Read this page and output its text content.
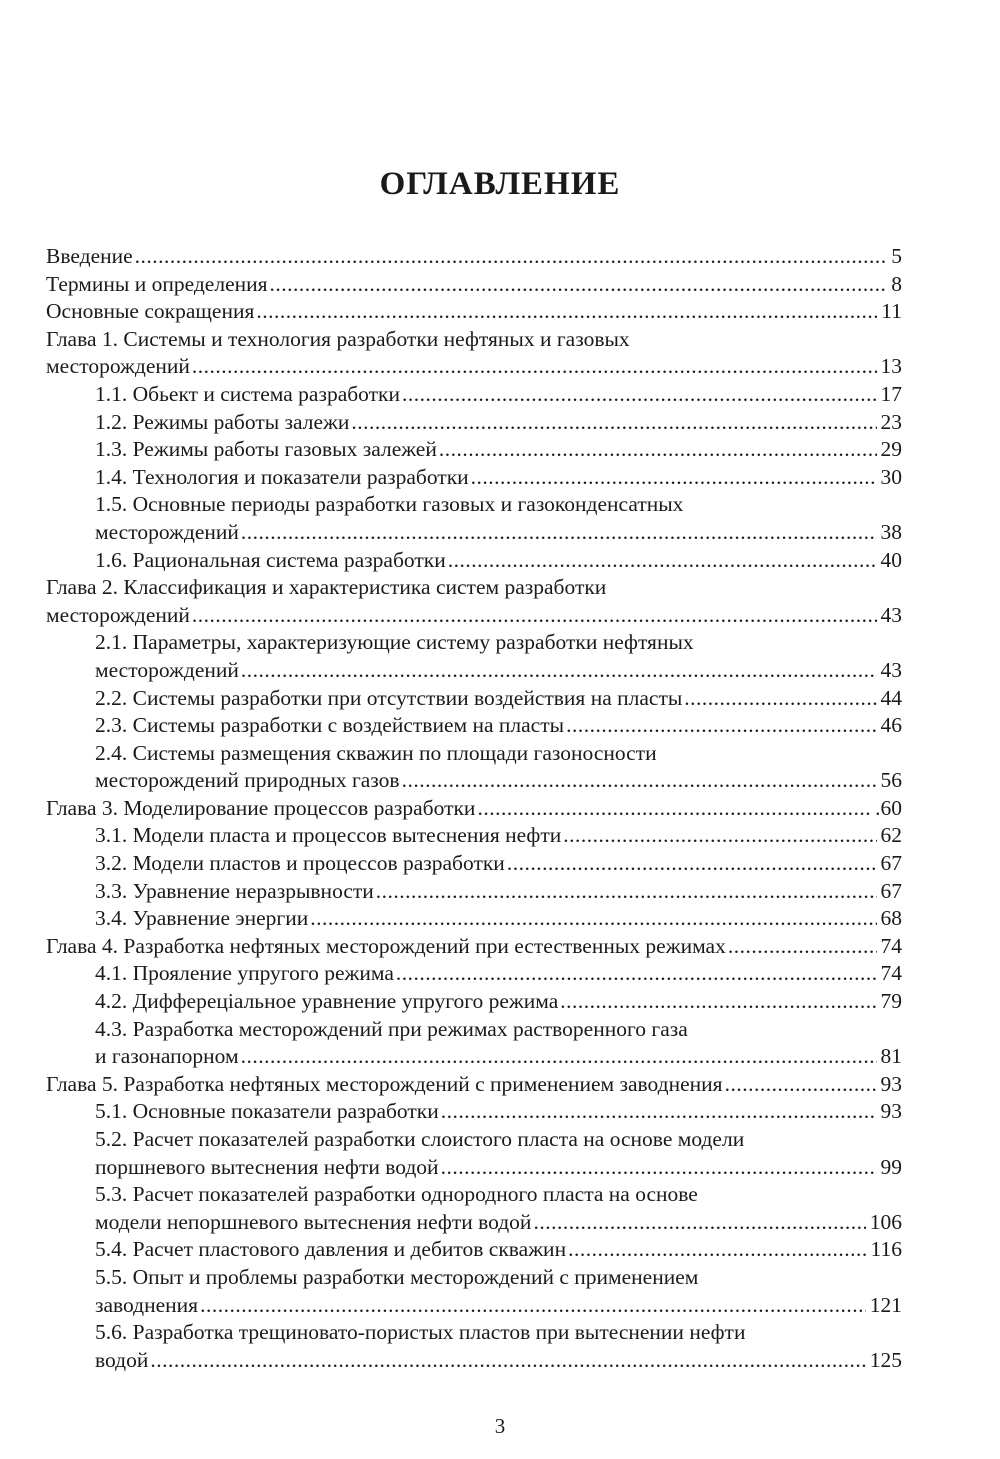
ОГЛАВЛЕНИЕ
Введение .....	5
Термины и определения .....	8
Основные сокращения .....	11
Глава 1. Системы и технология разработки нефтяных и газовых
месторождений .....	13
1.1. Обьект и система разработки .....	17
1.2. Режимы работы залежи .....	23
1.3. Режимы работы газовых залежей .....	29
1.4. Технология и показатели разработки .....	30
1.5. Основные периоды разработки газовых и газоконденсатных
месторождений .....	38
1.6. Рациональная система разработки .....	40
Глава 2. Классификация и характеристика систем разработки
месторождений .....	43
2.1. Параметры, характеризующие систему разработки нефтяных
месторождений .....	43
2.2. Системы разработки при отсутствии воздействия на пласты .....	44
2.3. Системы разработки с воздействием на пласты .....	46
2.4. Системы размещения скважин по площади газоносности
месторождений природных газов .....	56
Глава 3. Моделирование процессов разработки .....	.60
3.1. Модели пласта и процессов вытеснения нефти .....	62
3.2. Модели пластов и процессов разработки .....	67
3.3. Уравнение неразрывности .....	67
3.4. Уравнение энергии .....	68
Глава 4. Разработка нефтяных месторождений при естественных режимах .....	74
4.1. Прояление упругого режима .....	74
4.2. Диффереціальное уравнение упругого режима .....	79
4.3. Разработка месторождений при режимах растворенного газа
и газонапорном .....	81
Глава 5. Разработка нефтяных месторождений с применением заводнения .....	93
5.1. Основные показатели разработки .....	93
5.2. Расчет показателей разработки слоистого пласта на основе модели
поршневого вытеснения нефти водой .....	99
5.3. Расчет показателей разработки однородного пласта на основе
модели непоршневого вытеснения нефти водой .....	106
5.4. Расчет пластового давления и дебитов скважин .....	116
5.5. Опыт и проблемы разработки месторождений с применением
заводнения .....	121
5.6. Разработка трещиновато-пористых пластов при вытеснении нефти
водой .....	125
3
